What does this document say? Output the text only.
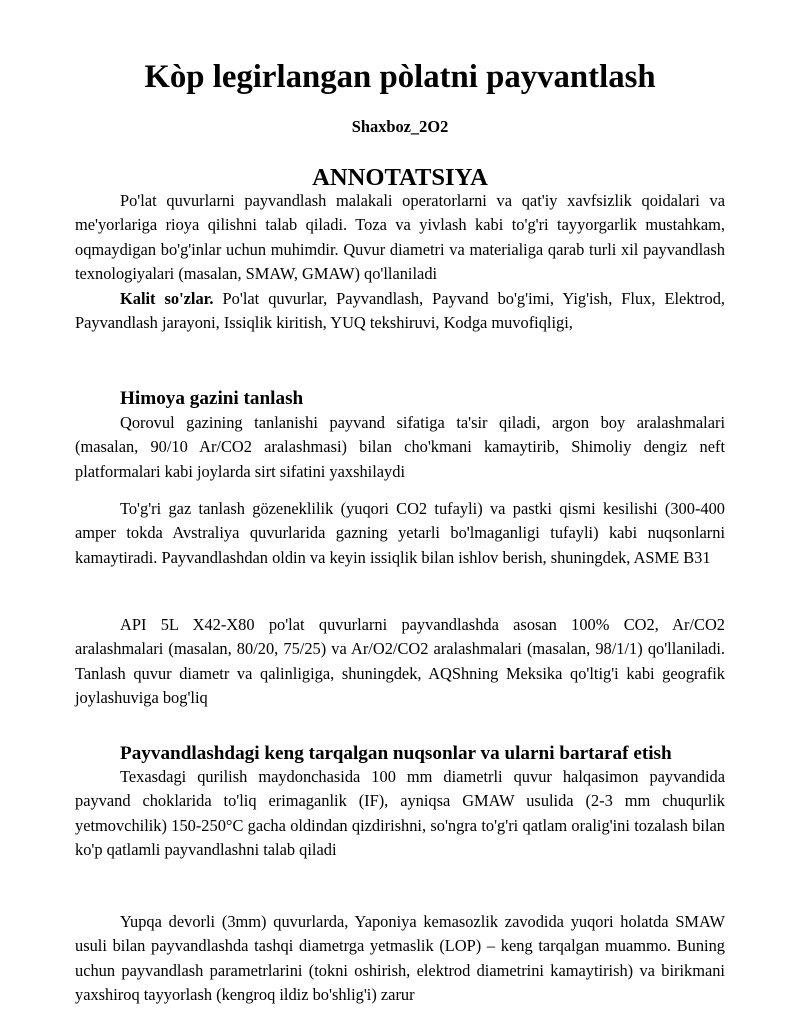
Kòp legirlangan pòlatni payvantlash

Shaxboz_2O2

ANNOTATSIYA

Po'lat quvurlarni payvandlash malakali operatorlarni va qat'iy xavfsizlik qoidalari va me'yorlariga rioya qilishni talab qiladi. Toza va yivlash kabi to'g'ri tayyorgarlik mustahkam, oqmaydigan bo'g'inlar uchun muhimdir. Quvur diametri va materialiga qarab turli xil payvandlash texnologiyalari (masalan, SMAW, GMAW) qo'llaniladi

Kalit so'zlar. Po'lat quvurlar, Payvandlash, Payvand bo'g'imi, Yig'ish, Flux, Elektrod, Payvandlash jarayoni, Issiqlik kiritish, YUQ tekshiruvi, Kodga muvofiqligi,

Himoya gazini tanlash

Qorovul gazining tanlanishi payvand sifatiga ta'sir qiladi, argon boy aralashmalari (masalan, 90/10 Ar/CO2 aralashmasi) bilan cho'kmani kamaytirib, Shimoliy dengiz neft platformalari kabi joylarda sirt sifatini yaxshilaydi

To'g'ri gaz tanlash gözeneklilik (yuqori CO2 tufayli) va pastki qismi kesilishi (300-400 amper tokda Avstraliya quvurlarida gazning yetarli bo'lmaganligi tufayli) kabi nuqsonlarni kamaytiradi. Payvandlashdan oldin va keyin issiqlik bilan ishlov berish, shuningdek, ASME B31

API 5L X42-X80 po'lat quvurlarni payvandlashda asosan 100% CO2, Ar/CO2 aralashmalari (masalan, 80/20, 75/25) va Ar/O2/CO2 aralashmalari (masalan, 98/1/1) qo'llaniladi. Tanlash quvur diametr va qalinligiga, shuningdek, AQShning Meksika qo'ltig'i kabi geografik joylashuviga bog'liq

Payvandlashdagi keng tarqalgan nuqsonlar va ularni bartaraf etish

Texasdagi qurilish maydonchasida 100 mm diametrli quvur halqasimon payvandida payvand choklarida to'liq erimaganlik (IF), ayniqsa GMAW usulida (2-3 mm chuqurlik yetmovchilik) 150-250°C gacha oldindan qizdirishni, so'ngra to'g'ri qatlam oralig'ini tozalash bilan ko'p qatlamli payvandlashni talab qiladi

Yupqa devorli (3mm) quvurlarda, Yaponiya kemasozlik zavodida yuqori holatda SMAW usuli bilan payvandlashda tashqi diametrga yetmaslik (LOP) – keng tarqalgan muammo. Buning uchun payvandlash parametrlarini (tokni oshirish, elektrod diametrini kamaytirish) va birikmani yaxshiroq tayyorlash (kengroq ildiz bo'shlig'i) zarur
